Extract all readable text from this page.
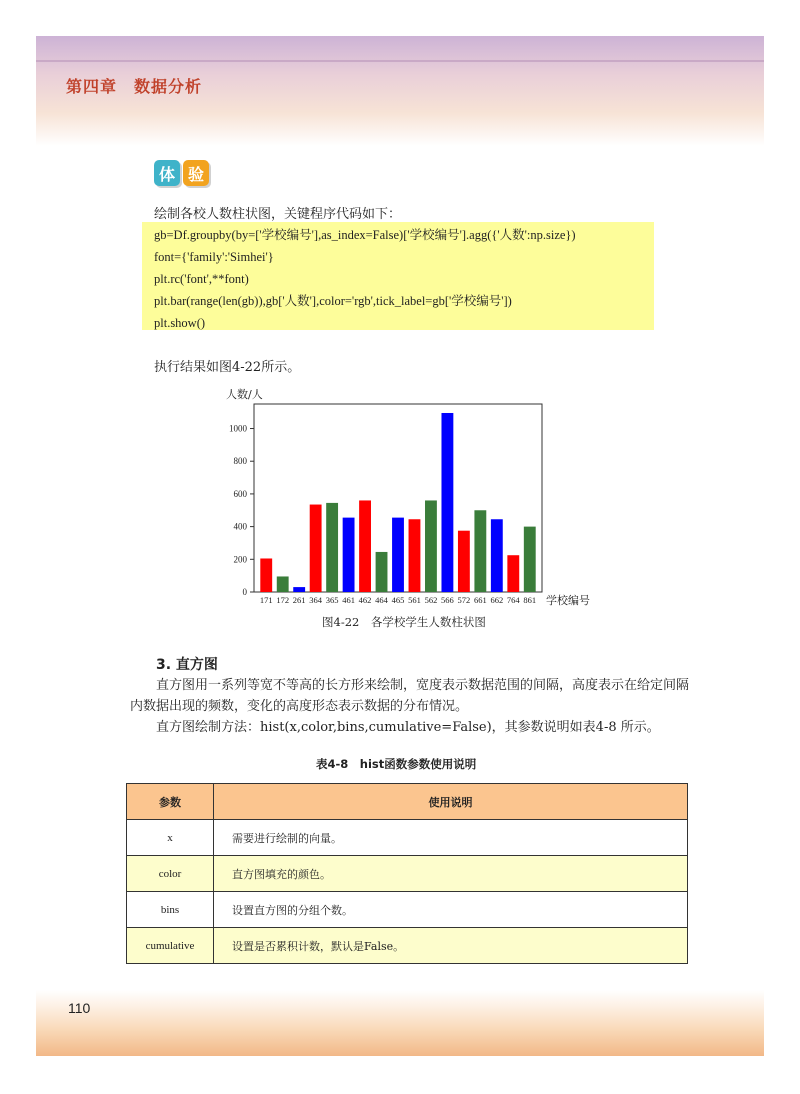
第四章　数据分析
体 验

绘制各校人数柱状图，关键程序代码如下：

gb=Df.groupby(by=['学校编号'],as_index=False)['学校编号'].agg({'人数':np.size})
font={'family':'Simhei'}
plt.rc('font',**font)
plt.bar(range(len(gb)),gb['人数'],color='rgb',tick_label=gb['学校编号'])
plt.show()

执行结果如图4-22所示。

人数/人
0
200
400
600
800
1000
171 172 261 364 365 461 462 464 465 561 562 566 572 661 662 764 861 学校编号

图4-22　各学校学生人数柱状图

3. 直方图

直方图用一系列等宽不等高的长方形来绘制，宽度表示数据范围的间隔，高度表示在给定间隔内数据出现的频数，变化的高度形态表示数据的分布情况。

直方图绘制方法：hist(x,color,bins,cumulative=False)，其参数说明如表4-8 所示。

表4-8　hist函数参数使用说明

参数	使用说明
x	需要进行绘制的向量。
color	直方图填充的颜色。
bins	设置直方图的分组个数。
cumulative	设置是否累积计数，默认是False。
110
